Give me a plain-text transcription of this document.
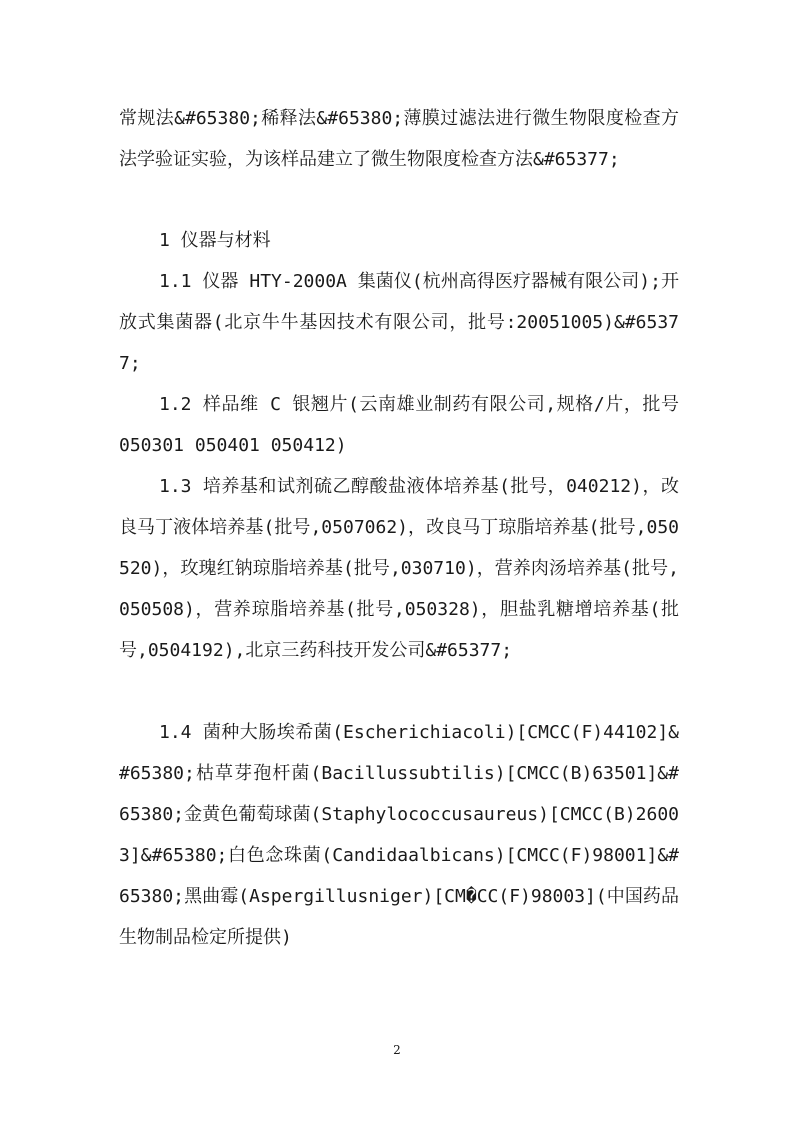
常规法&#65380;稀释法&#65380;薄膜过滤法进行微生物限度检查方法学验证实验，为该样品建立了微生物限度检查方法&#65377;

1 仪器与材料

1.1 仪器 HTY-2000A 集菌仪(杭州高得医疗器械有限公司);开放式集菌器(北京牛牛基因技术有限公司，批号:20051005)&#65377;

1.2 样品维 C 银翘片(云南雄业制药有限公司,规格/片，批号 050301 050401 050412)

1.3 培养基和试剂硫乙醇酸盐液体培养基(批号，040212)，改良马丁液体培养基(批号,0507062)，改良马丁琼脂培养基(批号,050520)，玫瑰红钠琼脂培养基(批号,030710)，营养肉汤培养基(批号,050508)，营养琼脂培养基(批号,050328)，胆盐乳糖增培养基(批号,0504192),北京三药科技开发公司&#65377;

1.4 菌种大肠埃希菌(Escherichiacoli)[CMCC(F)44102]&#65380;枯草芽孢杆菌(Bacillussubtilis)[CMCC(B)63501]&#65380;金黄色葡萄球菌(Staphylococcusaureus)[CMCC(B)26003]&#65380;白色念珠菌(Candidaalbicans)[CMCC(F)98001]&#65380;黑曲霉(Aspergillusniger)[CM�CC(F)98003](中国药品生物制品检定所提供)

2
